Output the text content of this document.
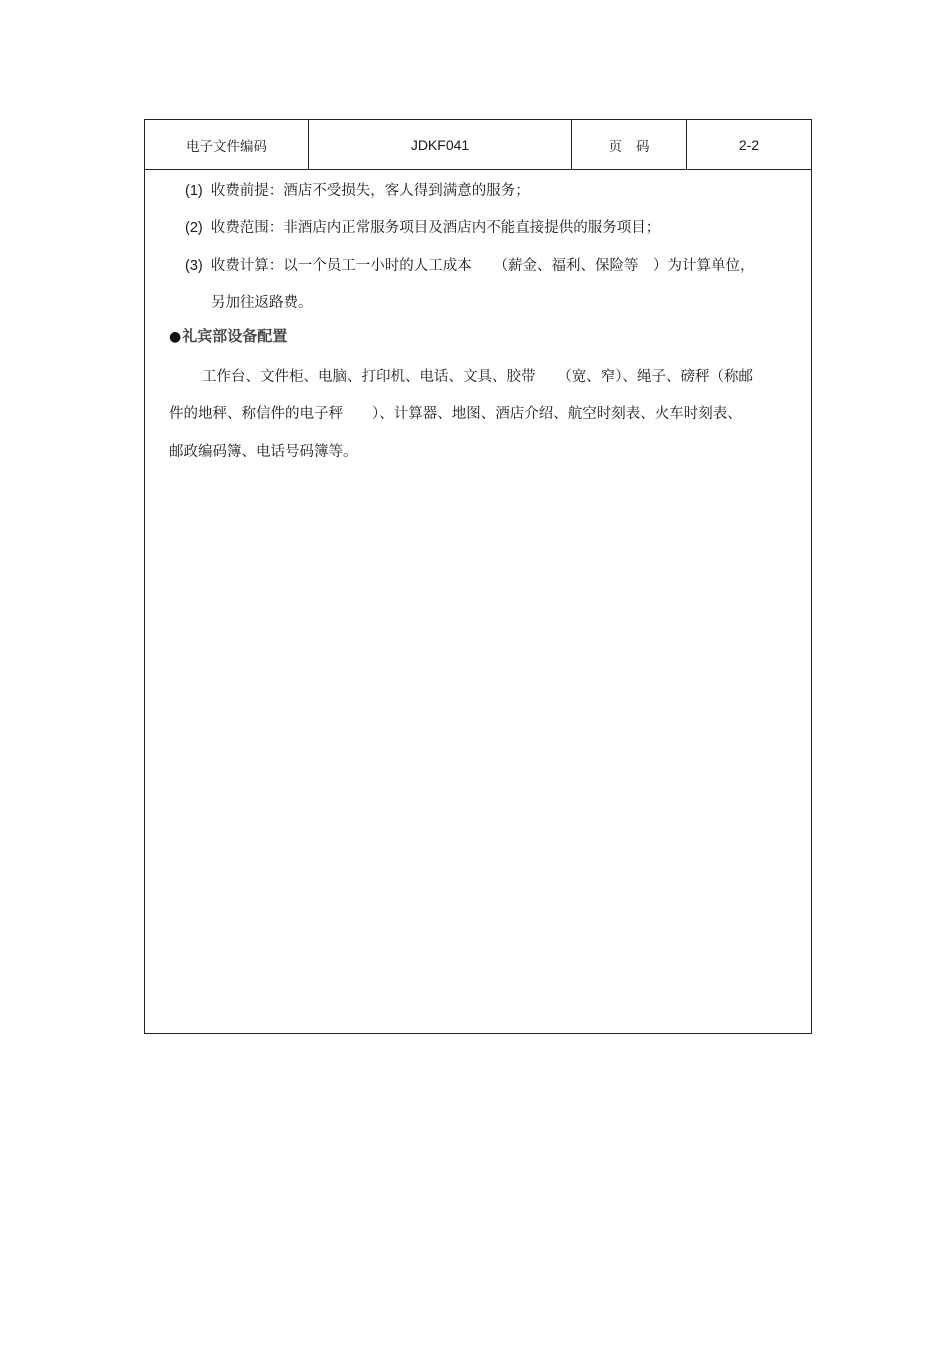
电子文件编码	JDKF041	页码	2-2
(1) 收费前提：酒店不受损失，客人得到满意的服务；
(2) 收费范围：非酒店内正常服务项目及酒店内不能直接提供的服务项目；
(3) 收费计算：以一个员工一小时的人工成本　　（薪金、福利、保险等　）为计算单位，
另加往返路费。
●礼宾部设备配置
工作台、文件柜、电脑、打印机、电话、文具、胶带　　（宽、窄）、绳子、磅秤（称邮
件的地秤、称信件的电子秤　　）、计算器、地图、酒店介绍、航空时刻表、火车时刻表、
邮政编码簿、电话号码簿等。
